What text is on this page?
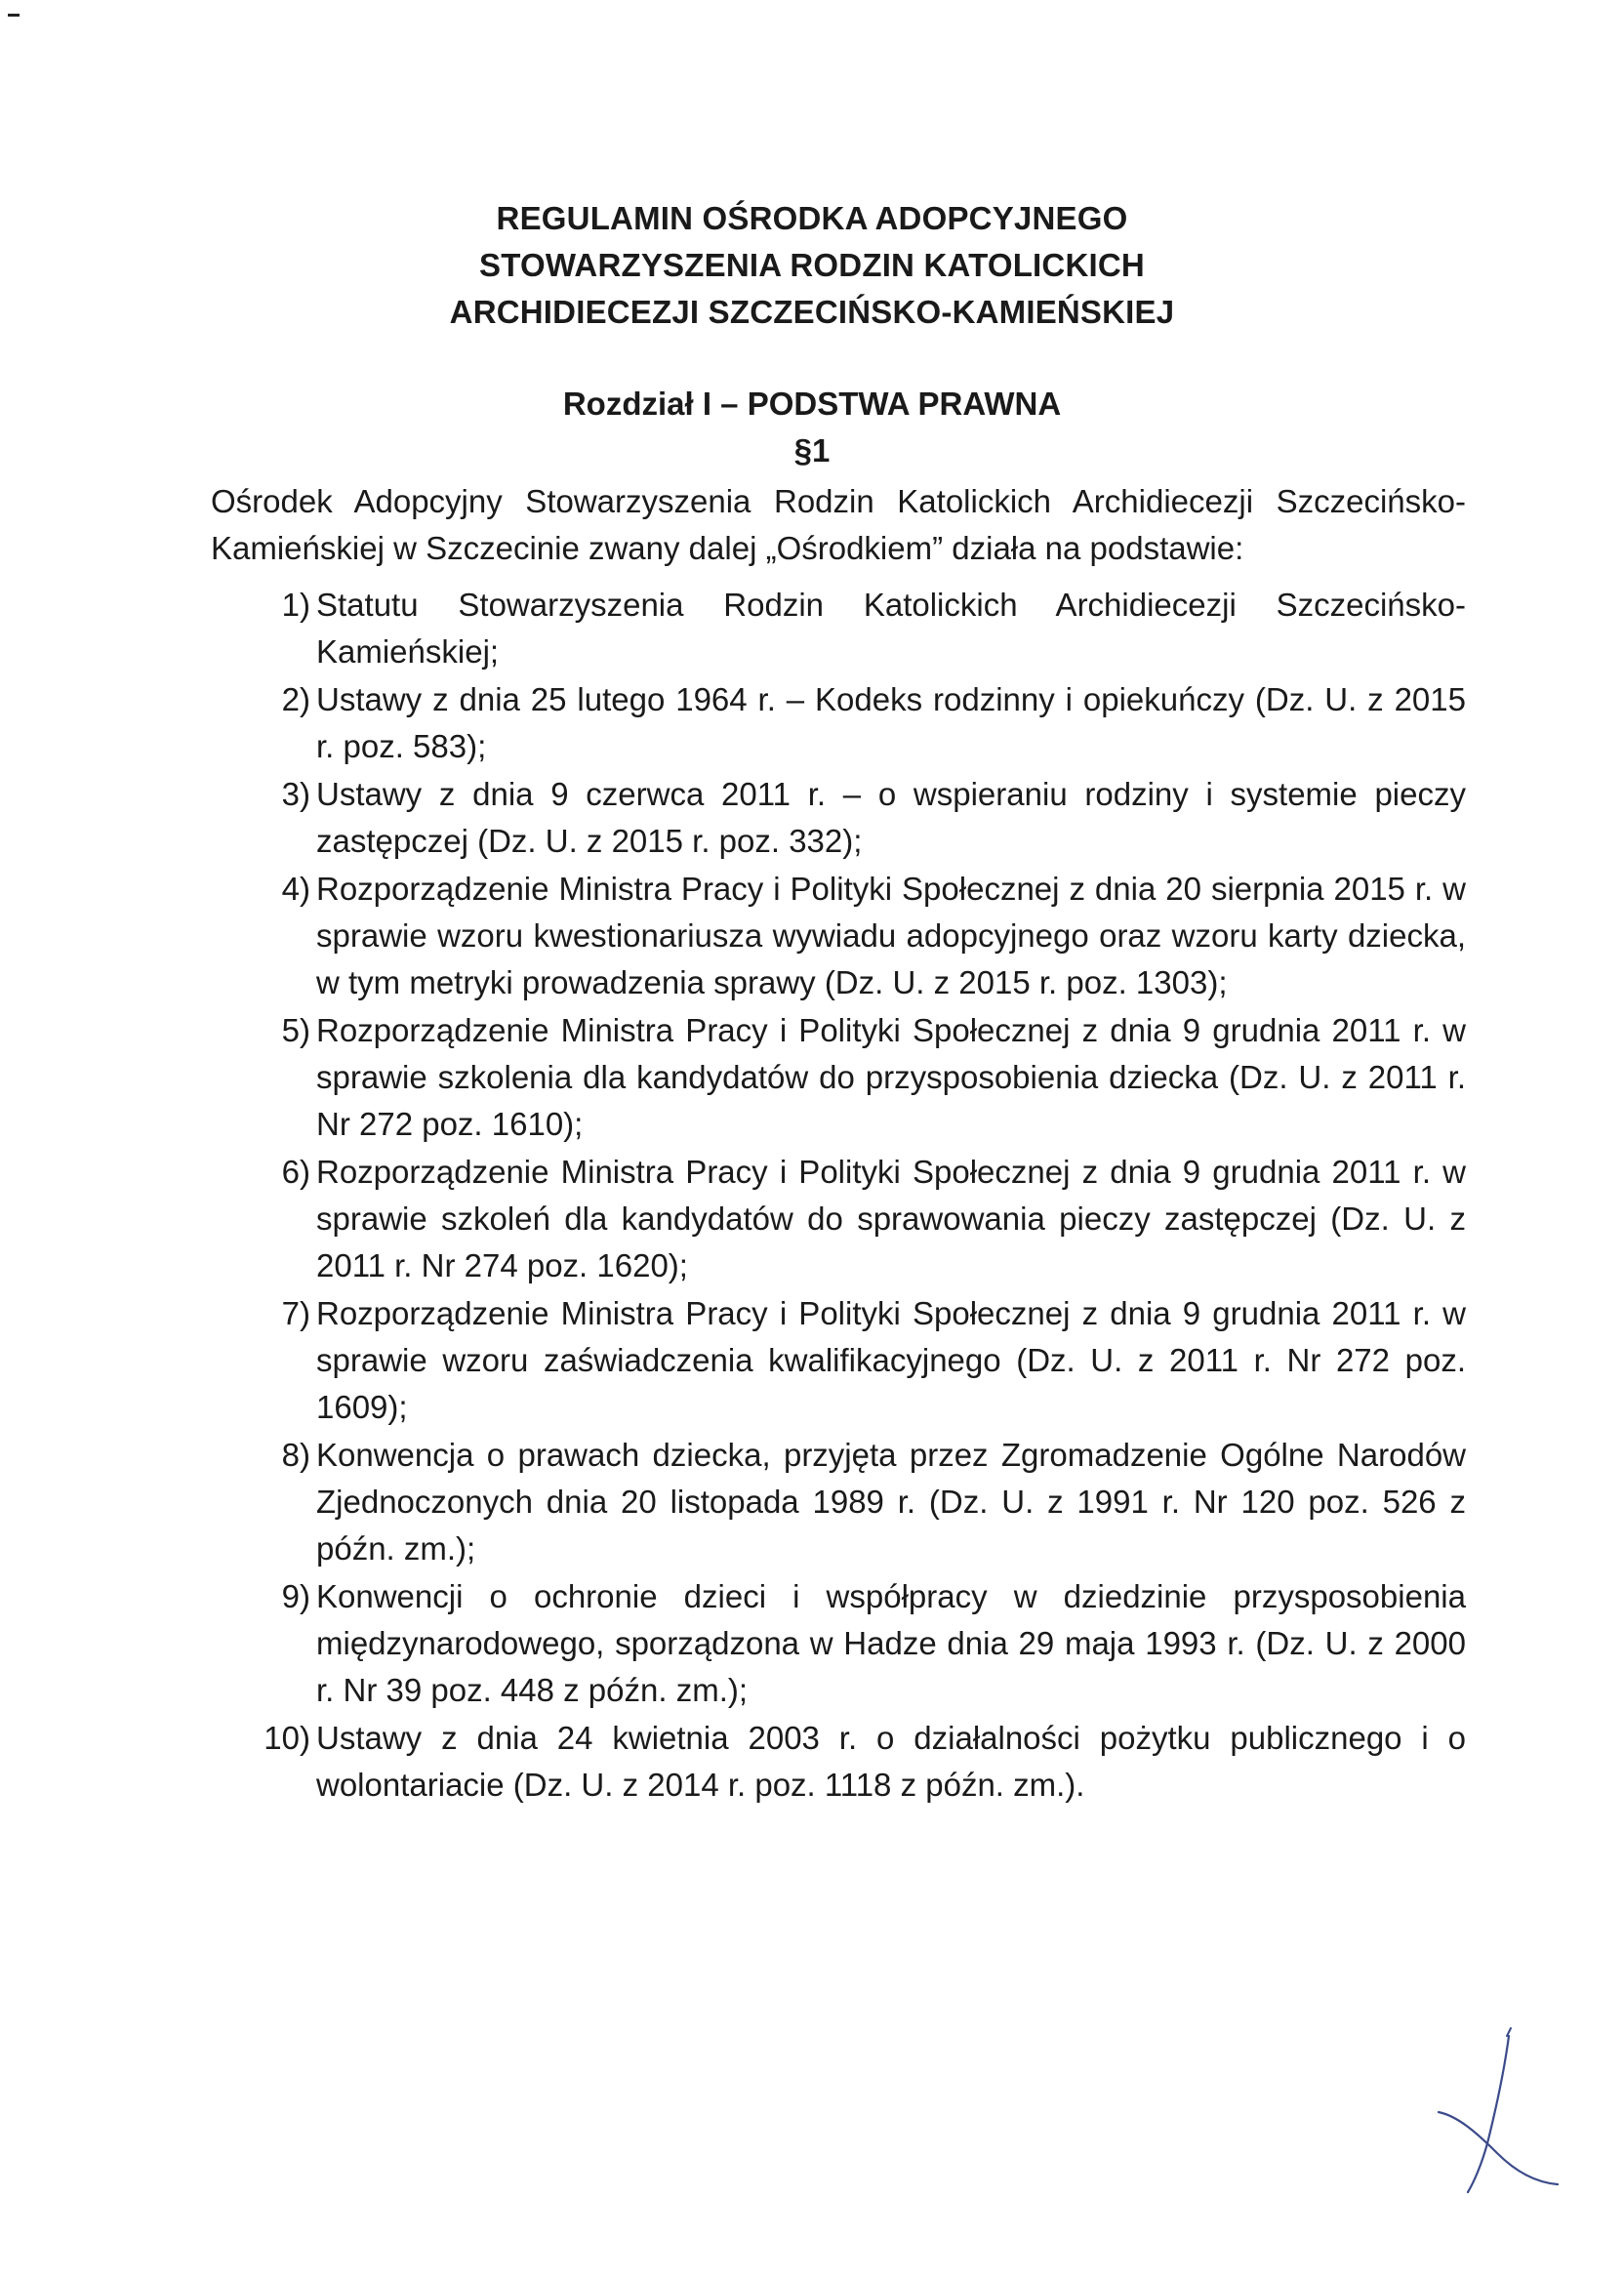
REGULAMIN OŚRODKA ADOPCYJNEGO
STOWARZYSZENIA RODZIN KATOLICKICH
ARCHIDIECEZJI SZCZECIŃSKO-KAMIEŃSKIEJ
Rozdział I – PODSTWA PRAWNA
§1

Ośrodek Adopcyjny Stowarzyszenia Rodzin Katolickich Archidiecezji Szczecińsko-Kamieńskiej w Szczecinie zwany dalej „Ośrodkiem” działa na podstawie:

1) Statutu Stowarzyszenia Rodzin Katolickich Archidiecezji Szczecińsko-Kamieńskiej;
2) Ustawy z dnia 25 lutego 1964 r. – Kodeks rodzinny i opiekuńczy (Dz. U. z 2015 r. poz. 583);
3) Ustawy z dnia 9 czerwca 2011 r. – o wspieraniu rodziny i systemie pieczy zastępczej (Dz. U. z 2015 r. poz. 332);
4) Rozporządzenie Ministra Pracy i Polityki Społecznej z dnia 20 sierpnia 2015 r. w sprawie wzoru kwestionariusza wywiadu adopcyjnego oraz wzoru karty dziecka, w tym metryki prowadzenia sprawy (Dz. U. z 2015 r. poz. 1303);
5) Rozporządzenie Ministra Pracy i Polityki Społecznej z dnia 9 grudnia 2011 r. w sprawie szkolenia dla kandydatów do przysposobienia dziecka (Dz. U. z 2011 r. Nr 272 poz. 1610);
6) Rozporządzenie Ministra Pracy i Polityki Społecznej z dnia 9 grudnia 2011 r. w sprawie szkoleń dla kandydatów do sprawowania pieczy zastępczej (Dz. U. z 2011 r. Nr 274 poz. 1620);
7) Rozporządzenie Ministra Pracy i Polityki Społecznej z dnia 9 grudnia 2011 r. w sprawie wzoru zaświadczenia kwalifikacyjnego (Dz. U. z 2011 r. Nr 272 poz. 1609);
8) Konwencja o prawach dziecka, przyjęta przez Zgromadzenie Ogólne Narodów Zjednoczonych dnia 20 listopada 1989 r. (Dz. U. z 1991 r. Nr 120 poz. 526 z późn. zm.);
9) Konwencji o ochronie dzieci i współpracy w dziedzinie przysposobienia międzynarodowego, sporządzona w Hadze dnia 29 maja 1993 r. (Dz. U. z 2000 r. Nr 39 poz. 448 z późn. zm.);
10) Ustawy z dnia 24 kwietnia 2003 r. o działalności pożytku publicznego i o wolontariacie (Dz. U. z 2014 r. poz. 1118 z późn. zm.).
